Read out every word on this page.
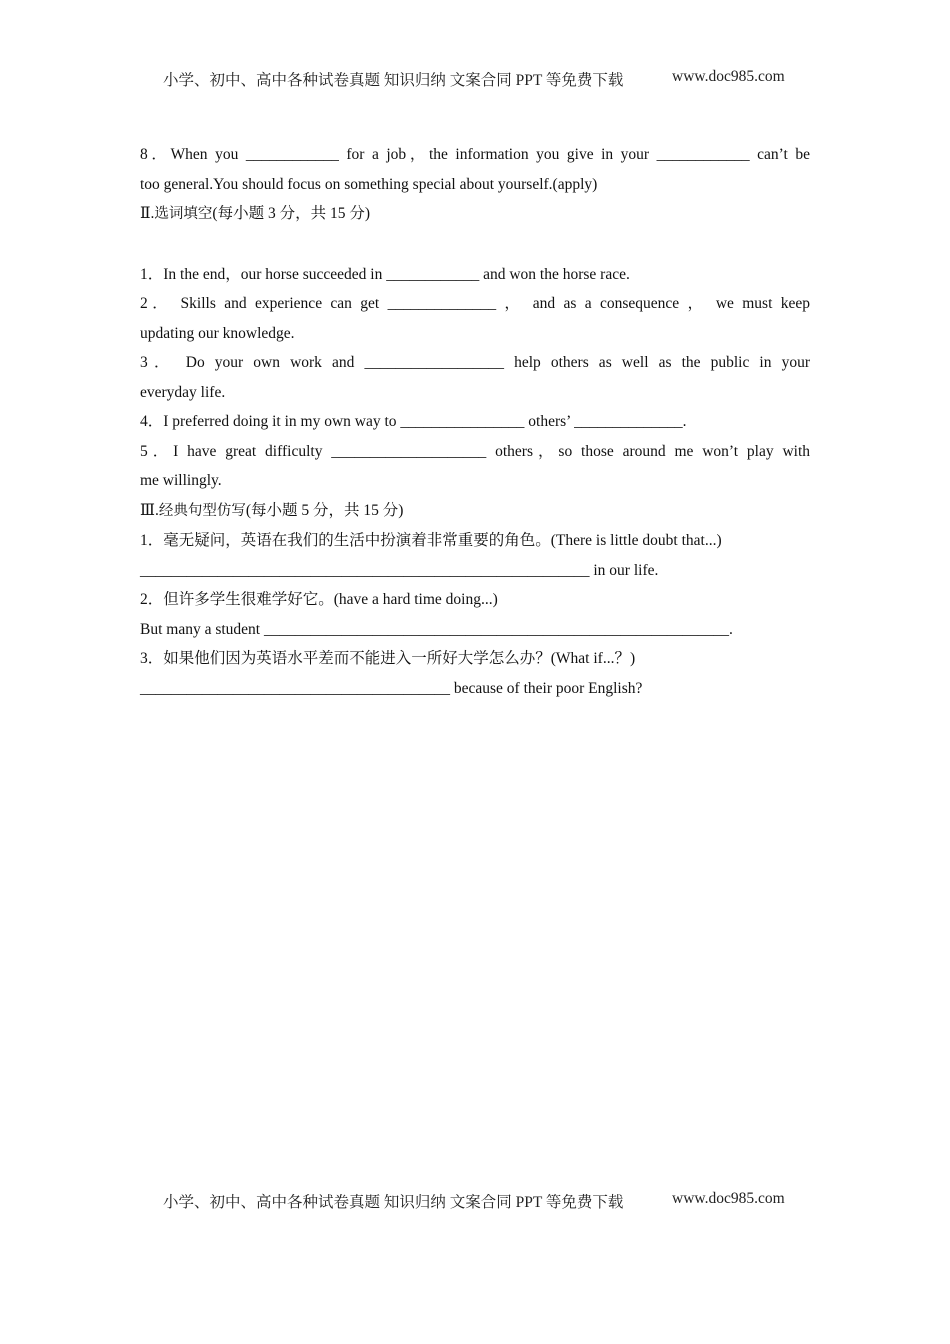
小学、初中、高中各种试卷真题 知识归纳 文案合同 PPT 等免费下载	www.doc985.com
8．When you ____________ for a job，the information you give in your ____________ can’t be
too general.You should focus on something special about yourself.(apply)
Ⅱ.选词填空(每小题 3 分，共 15 分)
1．In the end，our horse succeeded in ____________ and won the horse race.
2． Skills and experience can get ______________ ， and as a consequence ， we must keep
updating our knowledge.
3． Do your own work and __________________ help others as well as the public in your
everyday life.
4．I preferred doing it in my own way to ________________ others’ ______________.
5．I have great difficulty ____________________ others，so those around me won’t play with
me willingly.
Ⅲ.经典句型仿写(每小题 5 分，共 15 分)
1．毫无疑问，英语在我们的生活中扮演着非常重要的角色。(There is little doubt that...)
__________________________________________________________ in our life.
2．但许多学生很难学好它。(have a hard time doing...)
But many a student ____________________________________________________________.
3．如果他们因为英语水平差而不能进入一所好大学怎么办？(What if...？)
________________________________________ because of their poor English?
小学、初中、高中各种试卷真题 知识归纳 文案合同 PPT 等免费下载	www.doc985.com
